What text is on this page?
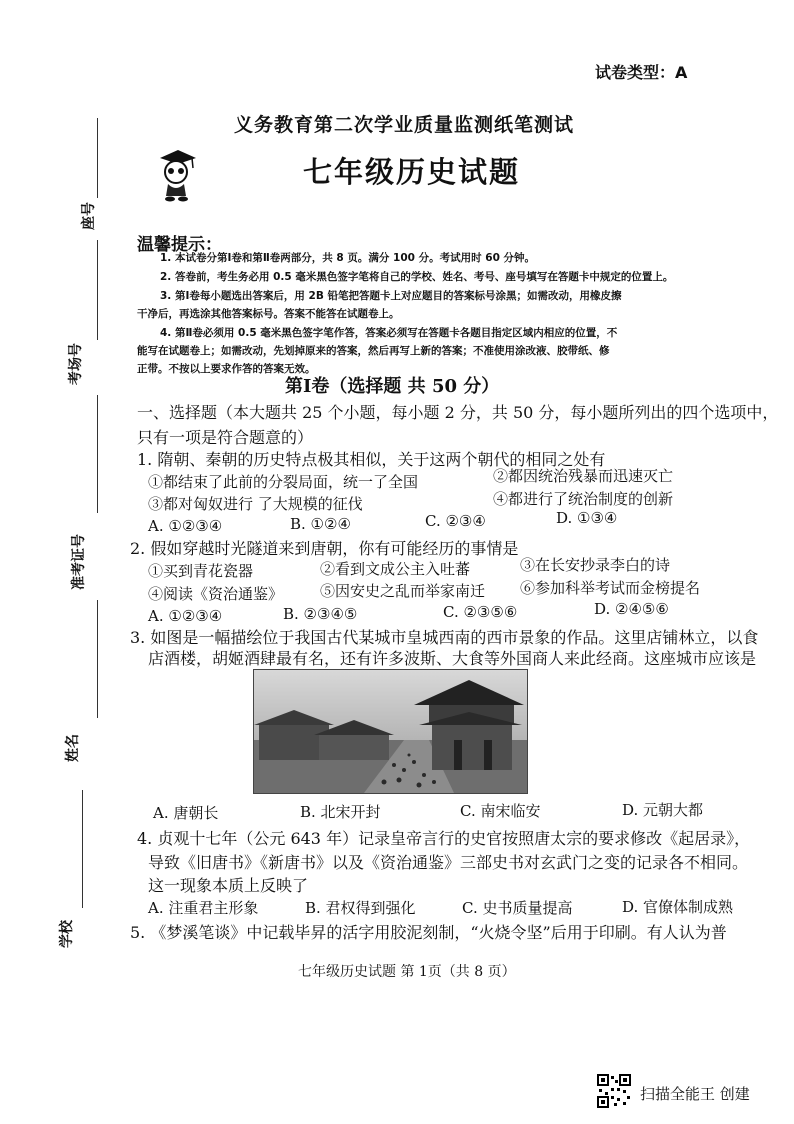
座号
考场号
准考证号
姓名
学校
试卷类型：A
义务教育第二次学业质量监测纸笔测试
七年级历史试题
温馨提示：
1. 本试卷分第Ⅰ卷和第Ⅱ卷两部分，共 8 页。满分 100 分。考试用时 60 分钟。
2. 答卷前，考生务必用 0.5 毫米黑色签字笔将自己的学校、姓名、考号、座号填写在答题卡中规定的位置上。
3. 第Ⅰ卷每小题选出答案后，用 2B 铅笔把答题卡上对应题目的答案标号涂黑；如需改动，用橡皮擦
干净后，再选涂其他答案标号。答案不能答在试题卷上。
4. 第Ⅱ卷必须用 0.5 毫米黑色签字笔作答，答案必须写在答题卡各题目指定区域内相应的位置，不
能写在试题卷上；如需改动，先划掉原来的答案，然后再写上新的答案；不准使用涂改液、胶带纸、修
正带。不按以上要求作答的答案无效。
第Ⅰ卷（选择题 共 50 分）
一、选择题（本大题共 25 个小题，每小题 2 分，共 50 分，每小题所列出的四个选项中，
只有一项是符合题意的）
1. 隋朝、秦朝的历史特点极其相似，关于这两个朝代的相同之处有
①都结束了此前的分裂局面，统一了全国	②都因统治残暴而迅速灭亡
③都对匈奴进行 了大规模的征伐	④都进行了统治制度的创新
A. ①②③④	B. ①②④	C. ②③④	D. ①③④
2. 假如穿越时光隧道来到唐朝，你有可能经历的事情是
①买到青花瓷器	②看到文成公主入吐蕃	③在长安抄录李白的诗
④阅读《资治通鉴》 ⑤因安史之乱而举家南迁 ⑥参加科举考试而金榜提名
A. ①②③④	B. ②③④⑤	C. ②③⑤⑥	D. ②④⑤⑥
3. 如图是一幅描绘位于我国古代某城市皇城西南的西市景象的作品。这里店铺林立，以食
店酒楼，胡姬酒肆最有名，还有许多波斯、大食等外国商人来此经商。这座城市应该是
A. 唐朝长	B. 北宋开封	C. 南宋临安	D. 元朝大都
4. 贞观十七年（公元 643 年）记录皇帝言行的史官按照唐太宗的要求修改《起居录》，
导致《旧唐书》《新唐书》以及《资治通鉴》三部史书对玄武门之变的记录各不相同。
这一现象本质上反映了
A. 注重君主形象	B. 君权得到强化	C. 史书质量提高	D. 官僚体制成熟
5. 《梦溪笔谈》中记载毕昇的活字用胶泥刻制，“火烧令坚”后用于印刷。有人认为普
七年级历史试题 第 1页（共 8 页）
扫描全能王 创建
